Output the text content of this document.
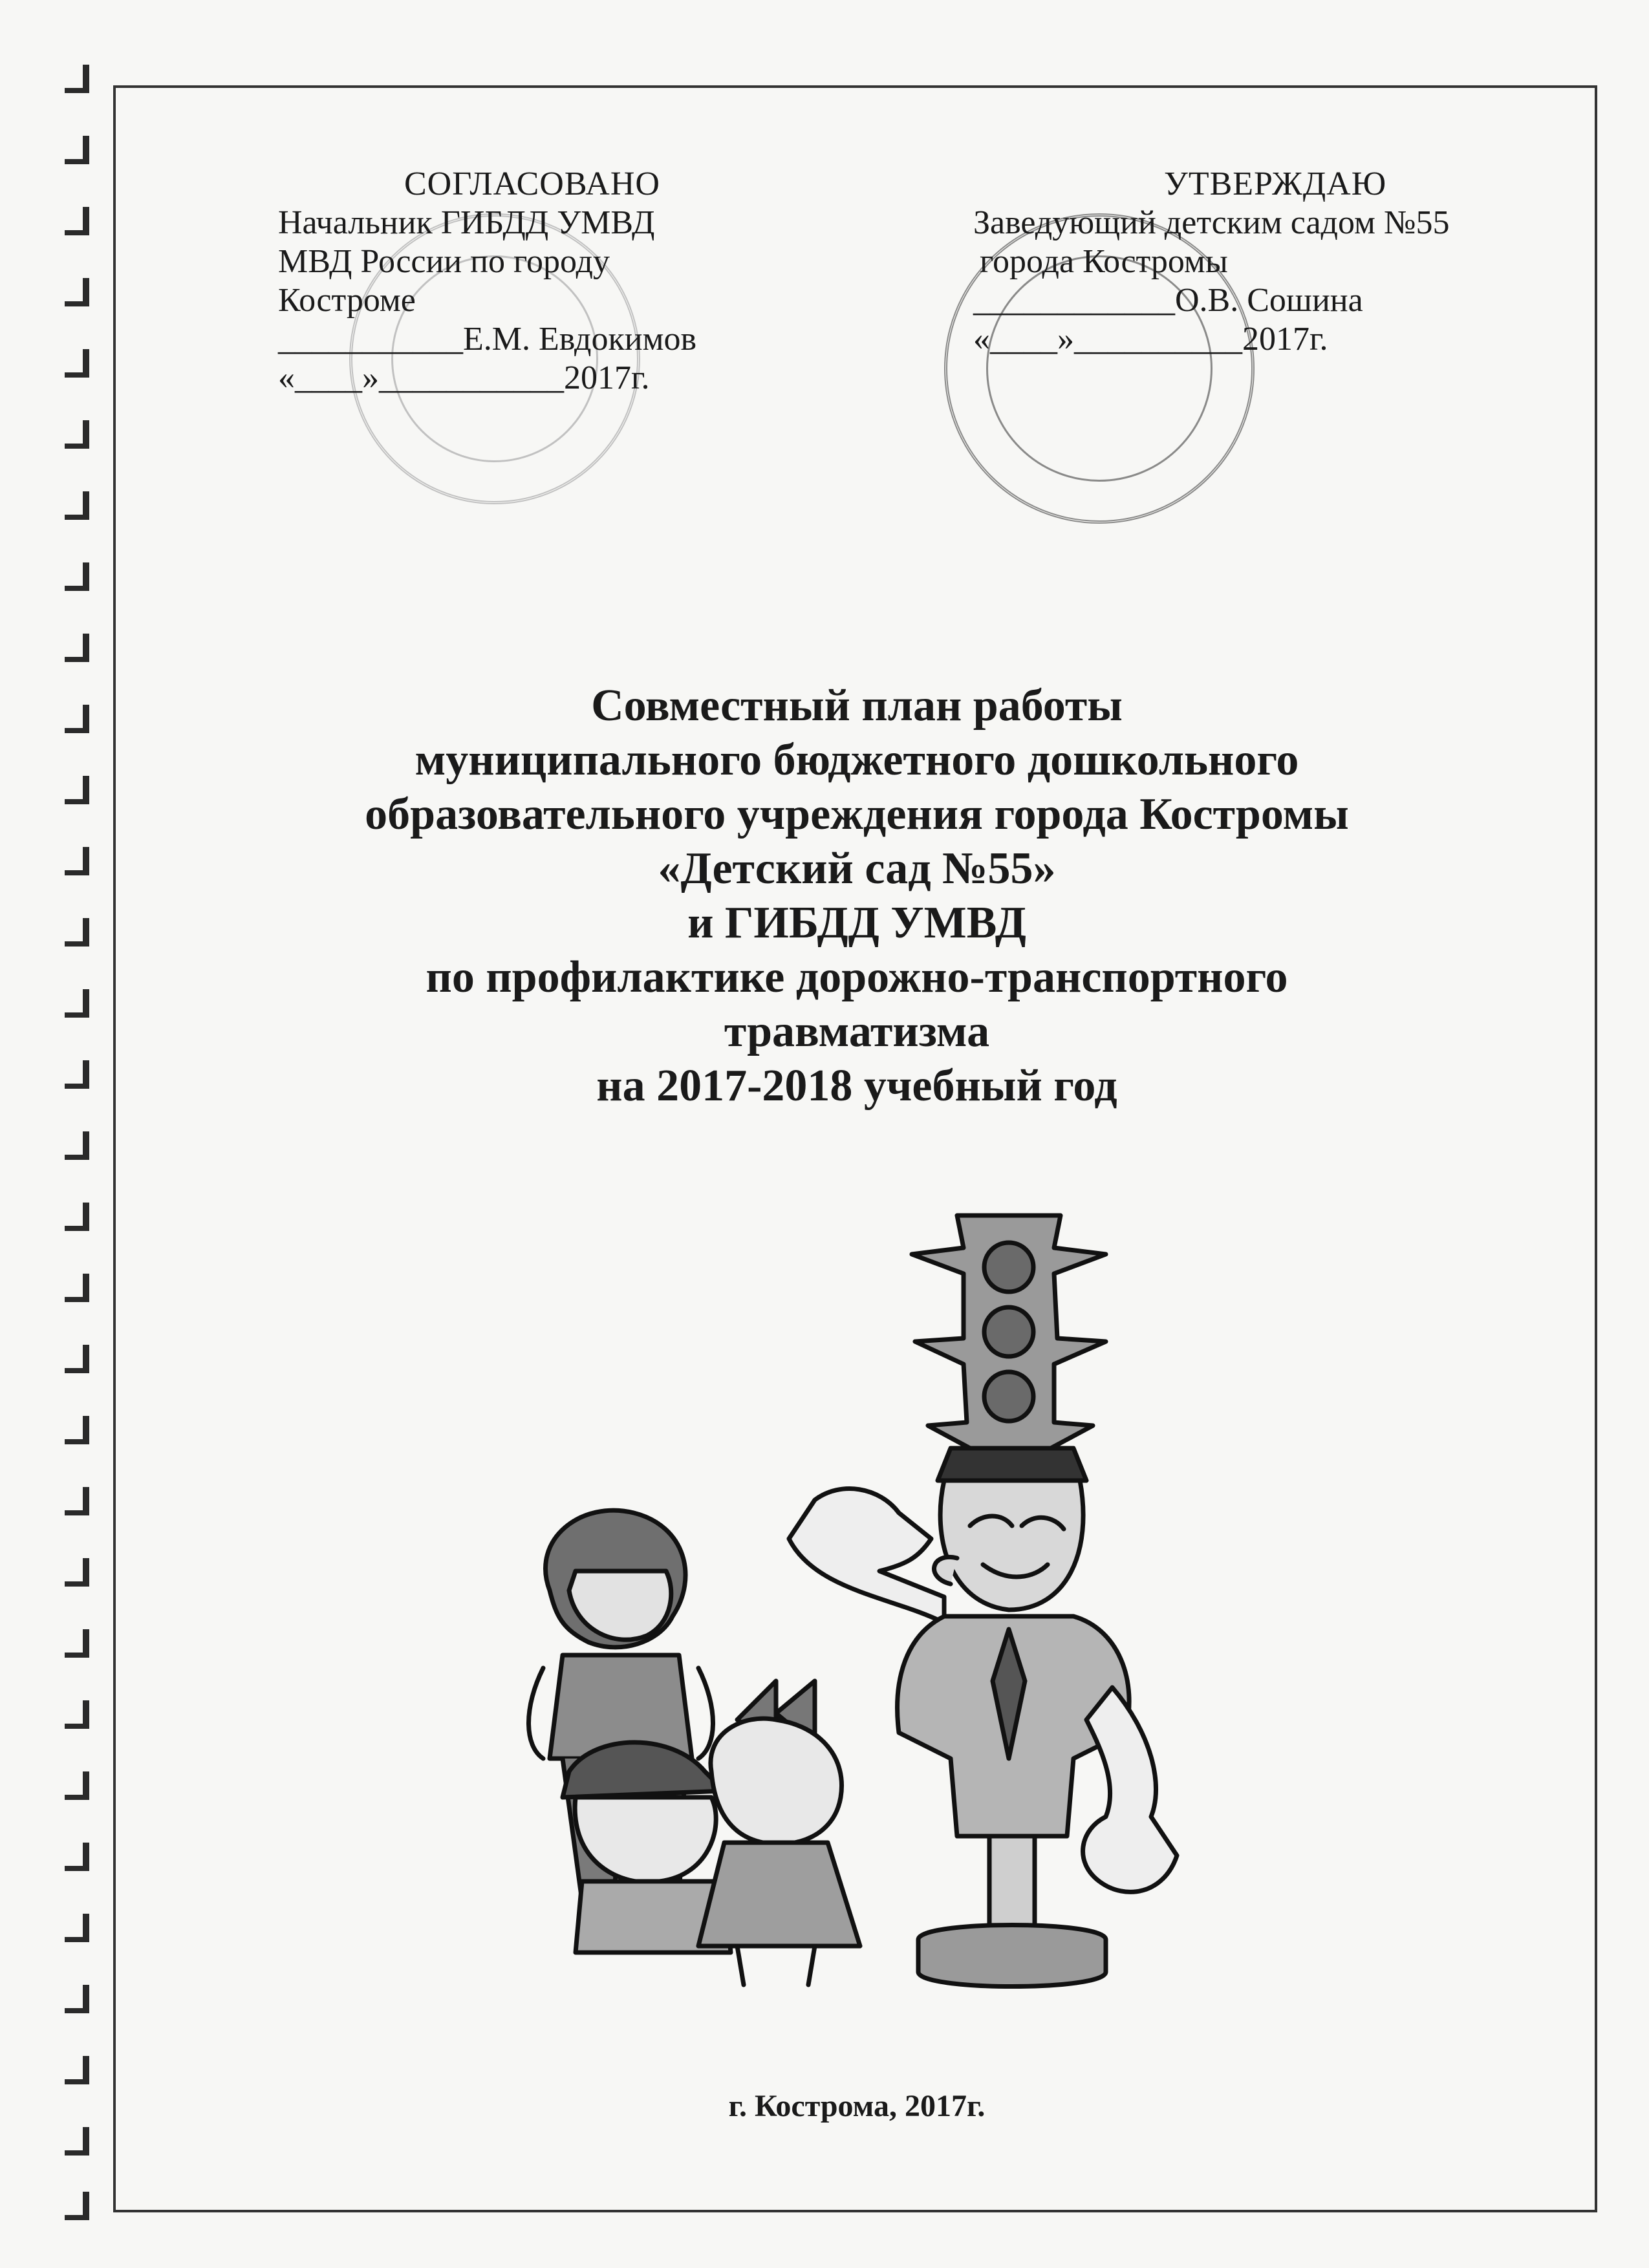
СОГЛАСОВАНО
Начальник ГИБДД УМВД
МВД России по городу
Костроме
___________Е.М. Евдокимов
«____»___________2017г.
УТВЕРЖДАЮ
Заведующий детским садом №55
города Костромы
____________О.В. Сошина
«____»__________2017г.
Совместный план работы
муниципального бюджетного дошкольного
образовательного учреждения города Костромы
«Детский сад №55»
и ГИБДД УМВД
по профилактике дорожно-транспортного
травматизма
на 2017-2018 учебный год
г. Кострома, 2017г.
